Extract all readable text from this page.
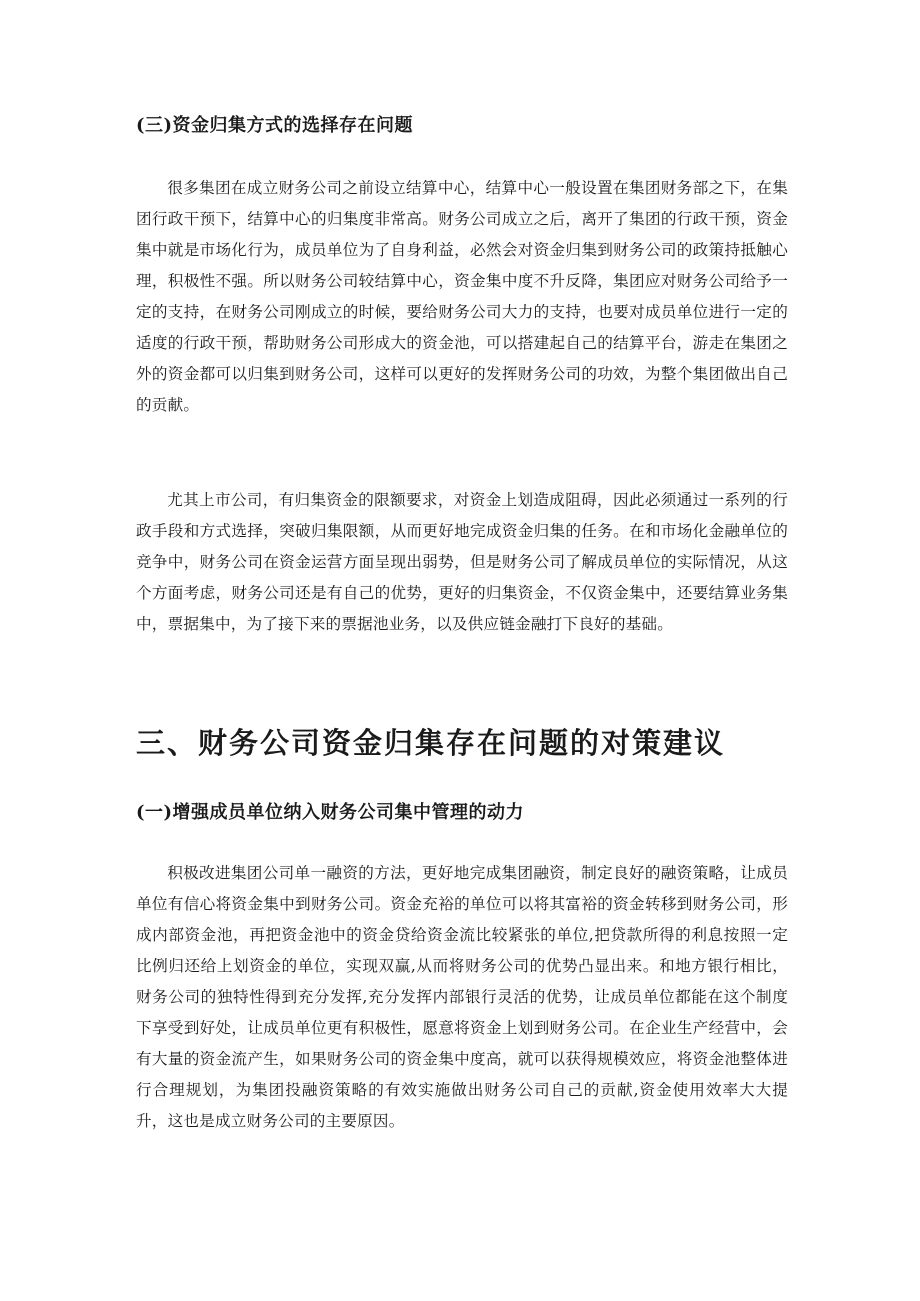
(三)资金归集方式的选择存在问题

很多集团在成立财务公司之前设立结算中心，结算中心一般设置在集团财务部之下，在集团行政干预下，结算中心的归集度非常高。财务公司成立之后，离开了集团的行政干预，资金集中就是市场化行为，成员单位为了自身利益，必然会对资金归集到财务公司的政策持抵触心理，积极性不强。所以财务公司较结算中心，资金集中度不升反降，集团应对财务公司给予一定的支持，在财务公司刚成立的时候，要给财务公司大力的支持，也要对成员单位进行一定的适度的行政干预，帮助财务公司形成大的资金池，可以搭建起自己的结算平台，游走在集团之外的资金都可以归集到财务公司，这样可以更好的发挥财务公司的功效，为整个集团做出自己的贡献。

尤其上市公司，有归集资金的限额要求，对资金上划造成阻碍，因此必须通过一系列的行政手段和方式选择，突破归集限额，从而更好地完成资金归集的任务。在和市场化金融单位的竞争中，财务公司在资金运营方面呈现出弱势，但是财务公司了解成员单位的实际情况，从这个方面考虑，财务公司还是有自己的优势，更好的归集资金，不仅资金集中，还要结算业务集中，票据集中，为了接下来的票据池业务，以及供应链金融打下良好的基础。

三、财务公司资金归集存在问题的对策建议
(一)增强成员单位纳入财务公司集中管理的动力

积极改进集团公司单一融资的方法，更好地完成集团融资，制定良好的融资策略，让成员单位有信心将资金集中到财务公司。资金充裕的单位可以将其富裕的资金转移到财务公司，形成内部资金池，再把资金池中的资金贷给资金流比较紧张的单位,把贷款所得的利息按照一定比例归还给上划资金的单位，实现双赢,从而将财务公司的优势凸显出来。和地方银行相比，财务公司的独特性得到充分发挥,充分发挥内部银行灵活的优势，让成员单位都能在这个制度下享受到好处，让成员单位更有积极性，愿意将资金上划到财务公司。在企业生产经营中，会有大量的资金流产生，如果财务公司的资金集中度高，就可以获得规模效应，将资金池整体进行合理规划，为集团投融资策略的有效实施做出财务公司自己的贡献,资金使用效率大大提升，这也是成立财务公司的主要原因。
